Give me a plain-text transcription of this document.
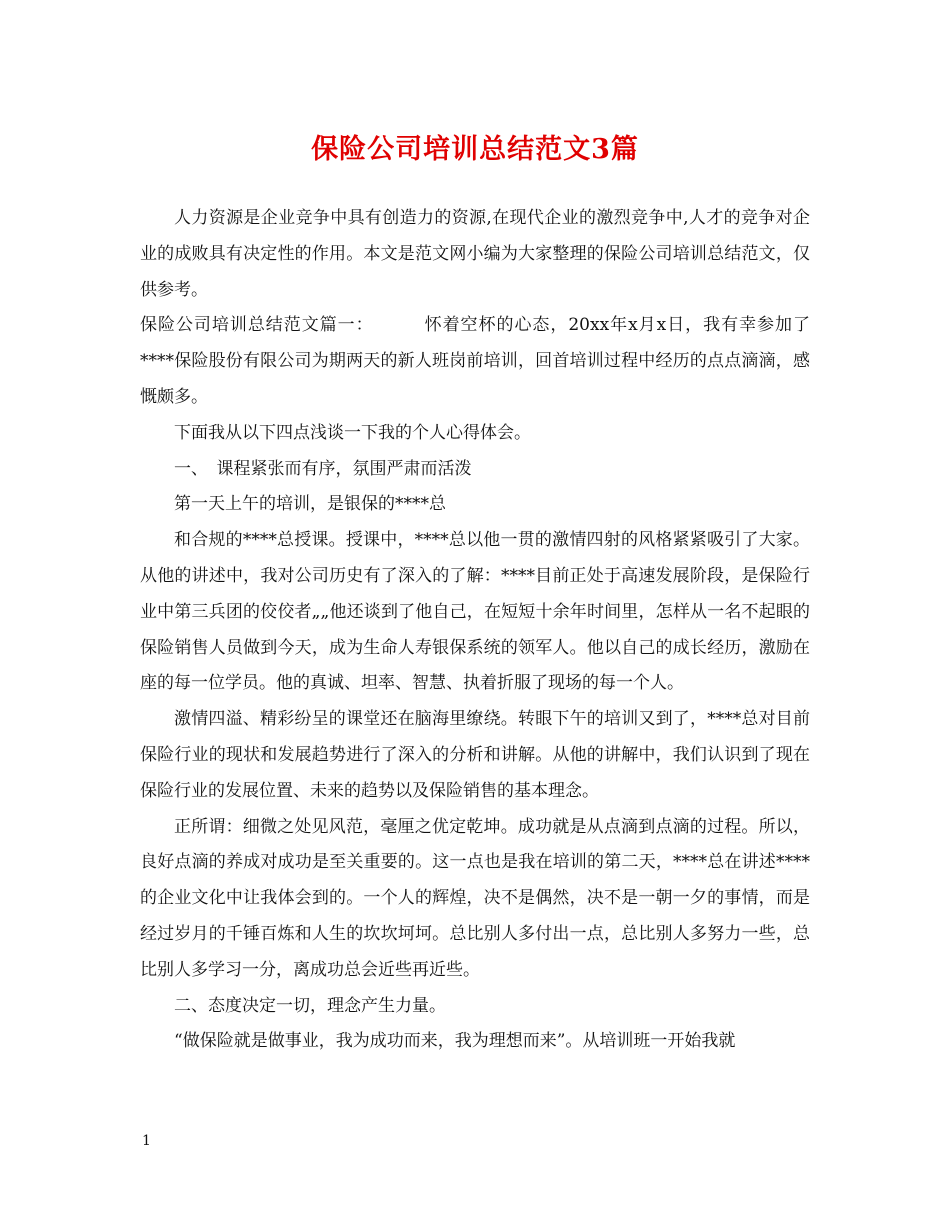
保险公司培训总结范文3篇

人力资源是企业竞争中具有创造力的资源,在现代企业的激烈竞争中,人才的竞争对企业的成败具有决定性的作用。本文是范文网小编为大家整理的保险公司培训总结范文，仅供参考。

保险公司培训总结范文篇一：	怀着空杯的心态，20xx年x月x日，我有幸参加了****保险股份有限公司为期两天的新人班岗前培训，回首培训过程中经历的点点滴滴，感慨颇多。

下面我从以下四点浅谈一下我的个人心得体会。

一、　课程紧张而有序，氛围严肃而活泼

第一天上午的培训，是银保的****总

和合规的****总授课。授课中，****总以他一贯的激情四射的风格紧紧吸引了大家。从他的讲述中，我对公司历史有了深入的了解：****目前正处于高速发展阶段，是保险行业中第三兵团的佼佼者„„他还谈到了他自己，在短短十余年时间里，怎样从一名不起眼的保险销售人员做到今天，成为生命人寿银保系统的领军人。他以自己的成长经历，激励在座的每一位学员。他的真诚、坦率、智慧、执着折服了现场的每一个人。

激情四溢、精彩纷呈的课堂还在脑海里缭绕。转眼下午的培训又到了，****总对目前保险行业的现状和发展趋势进行了深入的分析和讲解。从他的讲解中，我们认识到了现在保险行业的发展位置、未来的趋势以及保险销售的基本理念。

正所谓：细微之处见风范，毫厘之优定乾坤。成功就是从点滴到点滴的过程。所以，良好点滴的养成对成功是至关重要的。这一点也是我在培训的第二天，****总在讲述****的企业文化中让我体会到的。一个人的辉煌，决不是偶然，决不是一朝一夕的事情，而是经过岁月的千锤百炼和人生的坎坎坷坷。总比别人多付出一点，总比别人多努力一些，总比别人多学习一分，离成功总会近些再近些。

二、态度决定一切，理念产生力量。

“做保险就是做事业，我为成功而来，我为理想而来”。从培训班一开始我就

1
